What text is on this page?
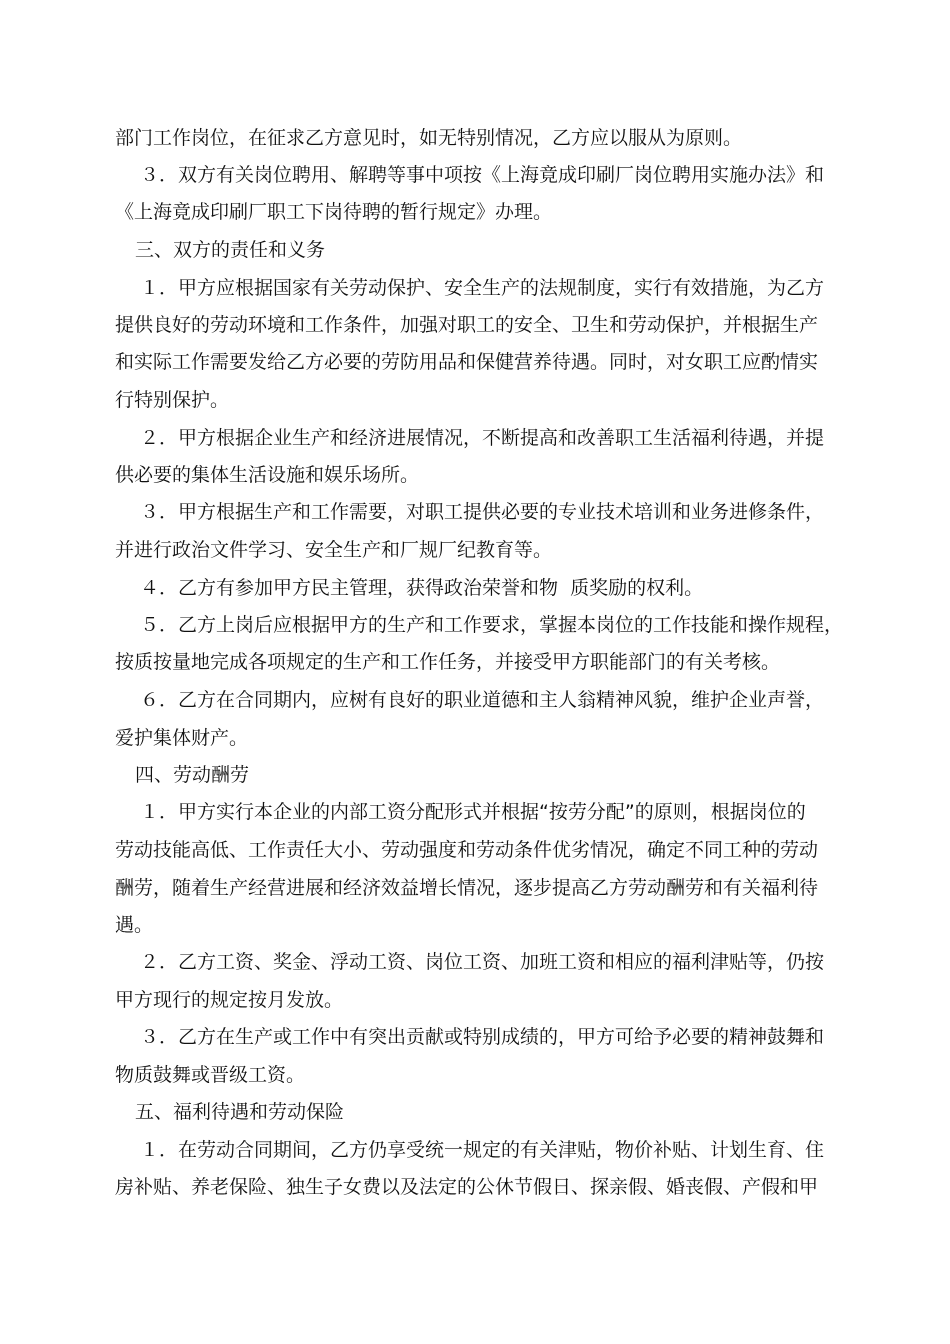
部门工作岗位，在征求乙方意见时，如无特别情况，乙方应以服从为原则。
３．双方有关岗位聘用、解聘等事中项按《上海竟成印刷厂岗位聘用实施办法》和
《上海竟成印刷厂职工下岗待聘的暂行规定》办理。
三、双方的责任和义务
１．甲方应根据国家有关劳动保护、安全生产的法规制度，实行有效措施，为乙方
提供良好的劳动环境和工作条件，加强对职工的安全、卫生和劳动保护，并根据生产
和实际工作需要发给乙方必要的劳防用品和保健营养待遇。同时，对女职工应酌情实
行特别保护。
２．甲方根据企业生产和经济进展情况，不断提高和改善职工生活福利待遇，并提
供必要的集体生活设施和娱乐场所。
３．甲方根据生产和工作需要，对职工提供必要的专业技术培训和业务进修条件，
并进行政治文件学习、安全生产和厂规厂纪教育等。
４．乙方有参加甲方民主管理，获得政治荣誉和物  质奖励的权利。
５．乙方上岗后应根据甲方的生产和工作要求，掌握本岗位的工作技能和操作规程，
按质按量地完成各项规定的生产和工作任务，并接受甲方职能部门的有关考核。
６．乙方在合同期内，应树有良好的职业道德和主人翁精神风貌，维护企业声誉，
爱护集体财产。
四、劳动酬劳
１．甲方实行本企业的内部工资分配形式并根据“按劳分配”的原则，根据岗位的
劳动技能高低、工作责任大小、劳动强度和劳动条件优劣情况，确定不同工种的劳动
酬劳，随着生产经营进展和经济效益增长情况，逐步提高乙方劳动酬劳和有关福利待
遇。
２．乙方工资、奖金、浮动工资、岗位工资、加班工资和相应的福利津贴等，仍按
甲方现行的规定按月发放。
３．乙方在生产或工作中有突出贡献或特别成绩的，甲方可给予必要的精神鼓舞和
物质鼓舞或晋级工资。
五、福利待遇和劳动保险
１．在劳动合同期间，乙方仍享受统一规定的有关津贴，物价补贴、计划生育、住
房补贴、养老保险、独生子女费以及法定的公休节假日、探亲假、婚丧假、产假和甲
